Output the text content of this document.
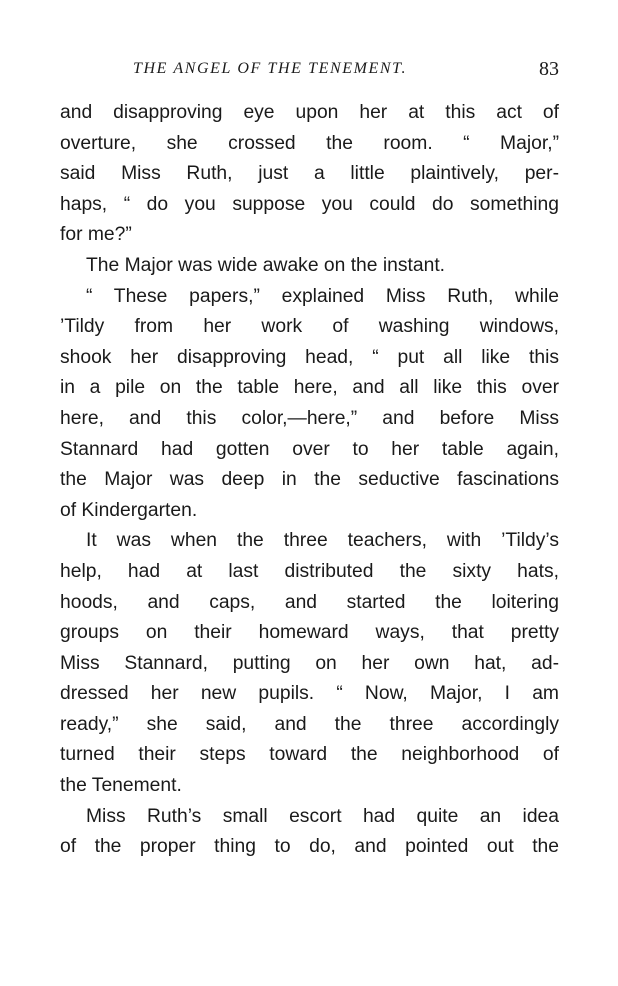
THE ANGEL OF THE TENEMENT.	83
and disapproving eye upon her at this act of
overture, she crossed the room. “ Major,”
said Miss Ruth, just a little plaintively, per-
haps, “ do you suppose you could do something
for me?”
The Major was wide awake on the instant.
“ These papers,” explained Miss Ruth, while
’Tildy from her work of washing windows,
shook her disapproving head, “ put all like this
in a pile on the table here, and all like this over
here, and this color,—here,” and before Miss
Stannard had gotten over to her table again,
the Major was deep in the seductive fascinations
of Kindergarten.
It was when the three teachers, with ’Tildy’s
help, had at last distributed the sixty hats,
hoods, and caps, and started the loitering
groups on their homeward ways, that pretty
Miss Stannard, putting on her own hat, ad-
dressed her new pupils. “ Now, Major, I am
ready,” she said, and the three accordingly
turned their steps toward the neighborhood of
the Tenement.
Miss Ruth’s small escort had quite an idea
of the proper thing to do, and pointed out the
